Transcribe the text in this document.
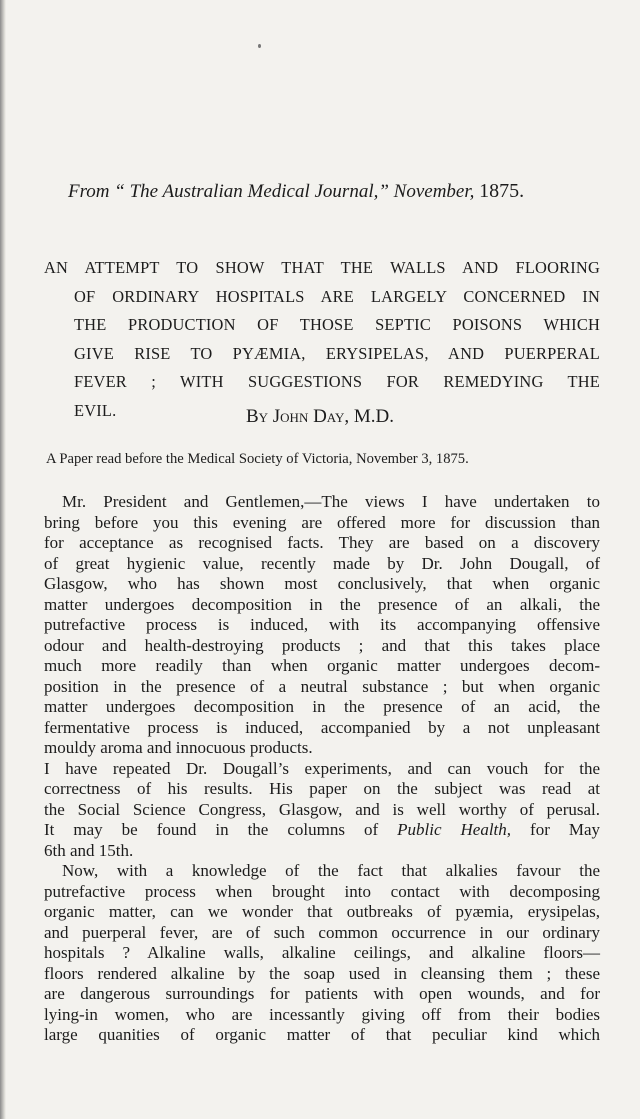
From “ The Australian Medical Journal,” November, 1875.
AN ATTEMPT TO SHOW THAT THE WALLS AND FLOORING
OF ORDINARY HOSPITALS ARE LARGELY CONCERNED IN
THE PRODUCTION OF THOSE SEPTIC POISONS WHICH
GIVE RISE TO PYÆMIA, ERYSIPELAS, AND PUERPERAL
FEVER ; WITH SUGGESTIONS FOR REMEDYING THE
EVIL.	By John Day, M.D.
A Paper read before the Medical Society of Victoria, November 3, 1875.
Mr. President and Gentlemen,—The views I have undertaken to
bring before you this evening are offered more for discussion than
for acceptance as recognised facts. They are based on a discovery
of great hygienic value, recently made by Dr. John Dougall, of
Glasgow, who has shown most conclusively, that when organic
matter undergoes decomposition in the presence of an alkali, the
putrefactive process is induced, with its accompanying offensive
odour and health-destroying products ; and that this takes place
much more readily than when organic matter undergoes decom-
position in the presence of a neutral substance ; but when organic
matter undergoes decomposition in the presence of an acid, the
fermentative process is induced, accompanied by a not unpleasant
mouldy aroma and innocuous products.
I have repeated Dr. Dougall’s experiments, and can vouch for the
correctness of his results. His paper on the subject was read at
the Social Science Congress, Glasgow, and is well worthy of perusal.
It may be found in the columns of Public Health, for May
6th and 15th.
Now, with a knowledge of the fact that alkalies favour the
putrefactive process when brought into contact with decomposing
organic matter, can we wonder that outbreaks of pyæmia, erysipelas,
and puerperal fever, are of such common occurrence in our ordinary
hospitals ? Alkaline walls, alkaline ceilings, and alkaline floors—
floors rendered alkaline by the soap used in cleansing them ; these
are dangerous surroundings for patients with open wounds, and for
lying-in women, who are incessantly giving off from their bodies
large quanities of organic matter of that peculiar kind which
